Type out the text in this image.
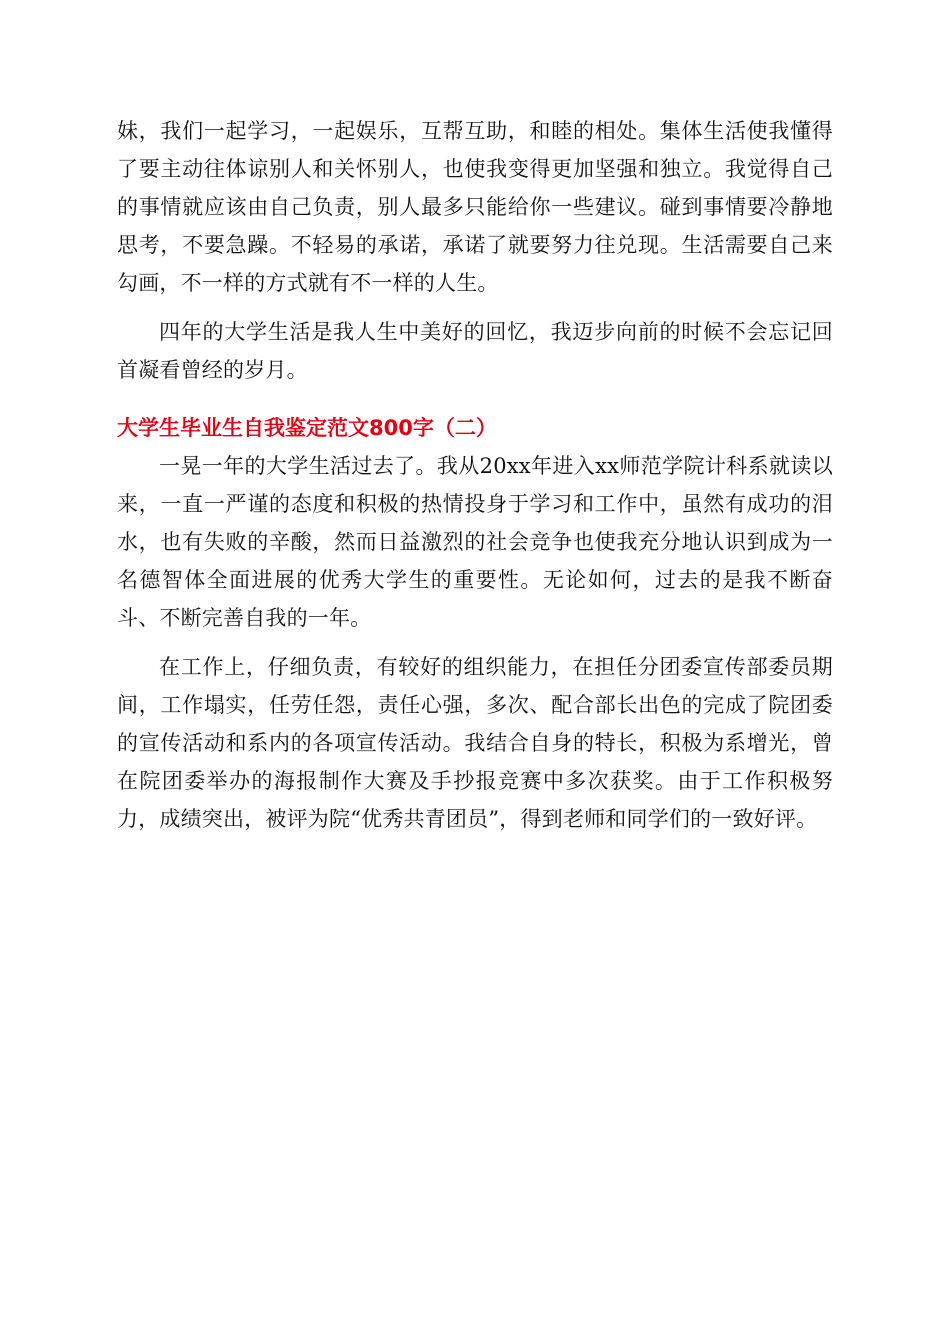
妹，我们一起学习，一起娱乐，互帮互助，和睦的相处。集体生活使我懂得了要主动往体谅别人和关怀别人，也使我变得更加坚强和独立。我觉得自己的事情就应该由自己负责，别人最多只能给你一些建议。碰到事情要冷静地思考，不要急躁。不轻易的承诺，承诺了就要努力往兑现。生活需要自己来勾画，不一样的方式就有不一样的人生。

四年的大学生活是我人生中美好的回忆，我迈步向前的时候不会忘记回首凝看曾经的岁月。

大学生毕业生自我鉴定范文800字（二）

一晃一年的大学生活过去了。我从20xx年进入xx师范学院计科系就读以来，一直一严谨的态度和积极的热情投身于学习和工作中，虽然有成功的泪水，也有失败的辛酸，然而日益激烈的社会竞争也使我充分地认识到成为一名德智体全面进展的优秀大学生的重要性。无论如何，过去的是我不断奋斗、不断完善自我的一年。

在工作上，仔细负责，有较好的组织能力，在担任分团委宣传部委员期间，工作塌实，任劳任怨，责任心强，多次、配合部长出色的完成了院团委的宣传活动和系内的各项宣传活动。我结合自身的特长，积极为系增光，曾在院团委举办的海报制作大赛及手抄报竞赛中多次获奖。由于工作积极努力，成绩突出，被评为院“优秀共青团员”，得到老师和同学们的一致好评。
